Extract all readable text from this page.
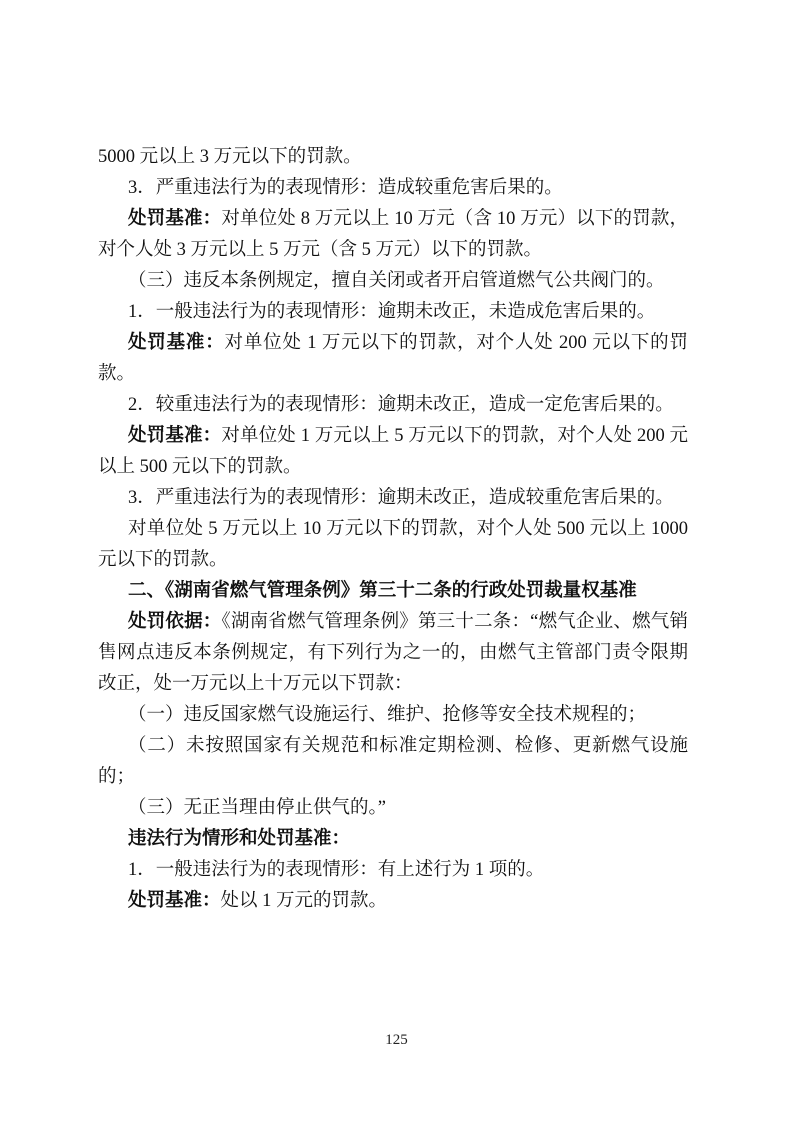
5000 元以上 3 万元以下的罚款。

3．严重违法行为的表现情形：造成较重危害后果的。

处罚基准：对单位处 8 万元以上 10 万元（含 10 万元）以下的罚款，对个人处 3 万元以上 5 万元（含 5 万元）以下的罚款。

（三）违反本条例规定，擅自关闭或者开启管道燃气公共阀门的。

1．一般违法行为的表现情形：逾期未改正，未造成危害后果的。

处罚基准：对单位处 1 万元以下的罚款，对个人处 200 元以下的罚款。

2．较重违法行为的表现情形：逾期未改正，造成一定危害后果的。

处罚基准：对单位处 1 万元以上 5 万元以下的罚款，对个人处 200 元以上 500 元以下的罚款。

3．严重违法行为的表现情形：逾期未改正，造成较重危害后果的。

对单位处 5 万元以上 10 万元以下的罚款，对个人处 500 元以上 1000 元以下的罚款。

二、《湖南省燃气管理条例》第三十二条的行政处罚裁量权基准

处罚依据：《湖南省燃气管理条例》第三十二条：“燃气企业、燃气销售网点违反本条例规定，有下列行为之一的，由燃气主管部门责令限期改正，处一万元以上十万元以下罚款：

（一）违反国家燃气设施运行、维护、抢修等安全技术规程的；

（二）未按照国家有关规范和标准定期检测、检修、更新燃气设施的；

（三）无正当理由停止供气的。”

违法行为情形和处罚基准：

1．一般违法行为的表现情形：有上述行为 1 项的。

处罚基准：处以 1 万元的罚款。

125
